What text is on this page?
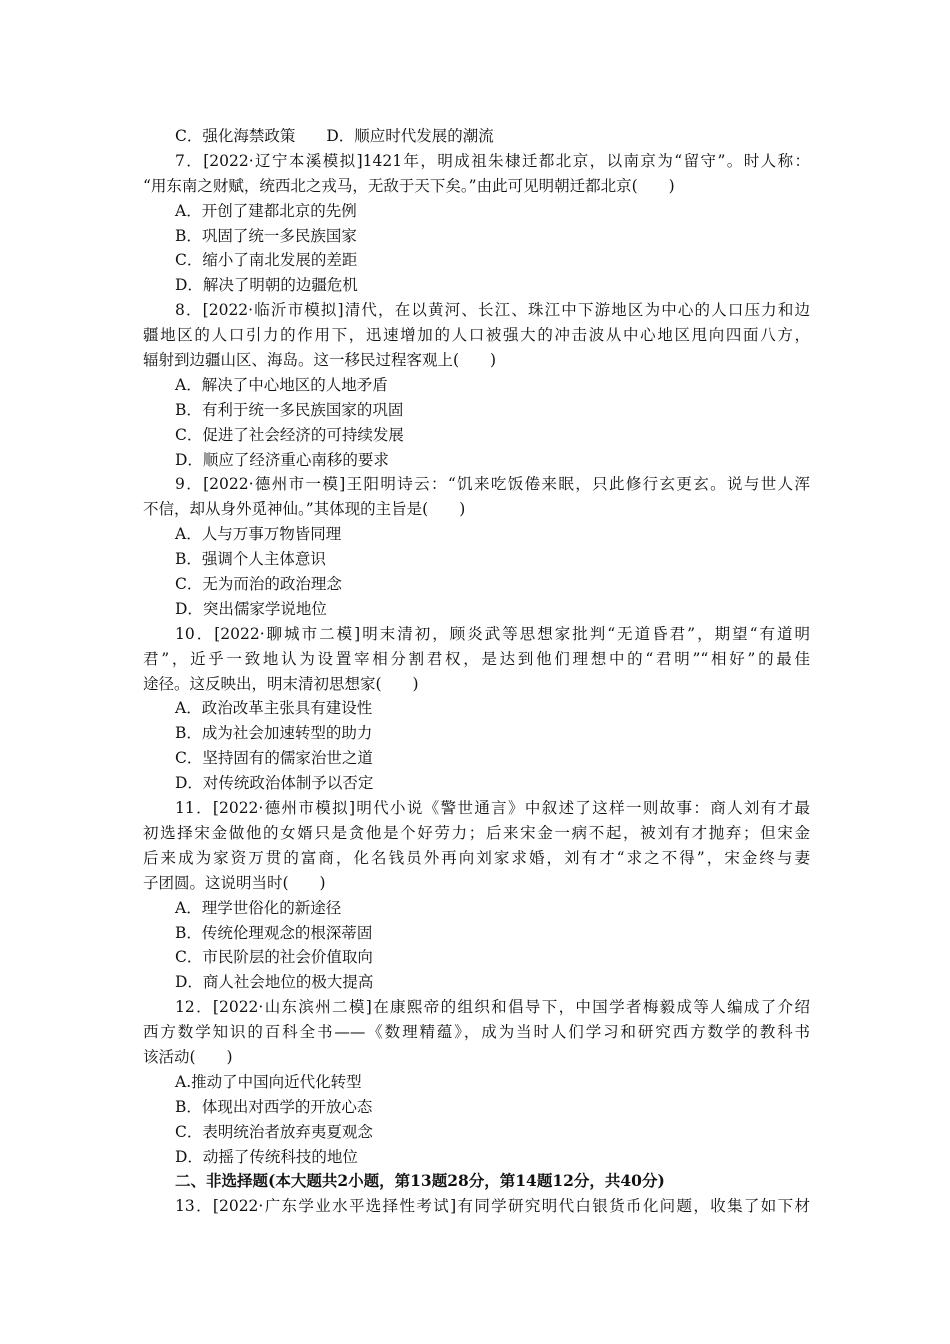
C．强化海禁政策　　D．顺应时代发展的潮流
7．[2022·辽宁本溪模拟]1421年，明成祖朱棣迁都北京，以南京为“留守”。时人称：
“用东南之财赋，统西北之戎马，无敌于天下矣。”由此可见明朝迁都北京(　　)
A．开创了建都北京的先例
B．巩固了统一多民族国家
C．缩小了南北发展的差距
D．解决了明朝的边疆危机
8．[2022·临沂市模拟]清代，在以黄河、长江、珠江中下游地区为中心的人口压力和边
疆地区的人口引力的作用下，迅速增加的人口被强大的冲击波从中心地区甩向四面八方，
辐射到边疆山区、海岛。这一移民过程客观上(　　)
A．解决了中心地区的人地矛盾
B．有利于统一多民族国家的巩固
C．促进了社会经济的可持续发展
D．顺应了经济重心南移的要求
9．[2022·德州市一模]王阳明诗云：“饥来吃饭倦来眠，只此修行玄更玄。说与世人浑
不信，却从身外觅神仙。”其体现的主旨是(　　)
A．人与万事万物皆同理
B．强调个人主体意识
C．无为而治的政治理念
D．突出儒家学说地位
10．[2022·聊城市二模]明末清初，顾炎武等思想家批判“无道昏君”，期望“有道明
君”，近乎一致地认为设置宰相分割君权，是达到他们理想中的“君明”“相好”的最佳
途径。这反映出，明末清初思想家(　　)
A．政治改革主张具有建设性
B．成为社会加速转型的助力
C．坚持固有的儒家治世之道
D．对传统政治体制予以否定
11．[2022·德州市模拟]明代小说《警世通言》中叙述了这样一则故事：商人刘有才最
初选择宋金做他的女婿只是贪他是个好劳力；后来宋金一病不起，被刘有才抛弃；但宋金
后来成为家资万贯的富商，化名钱员外再向刘家求婚，刘有才“求之不得”，宋金终与妻
子团圆。这说明当时(　　)
A．理学世俗化的新途径
B．传统伦理观念的根深蒂固
C．市民阶层的社会价值取向
D．商人社会地位的极大提高
12．[2022·山东滨州二模]在康熙帝的组织和倡导下，中国学者梅毅成等人编成了介绍
西方数学知识的百科全书——《数理精蕴》，成为当时人们学习和研究西方数学的教科书
该活动(　　)
A.推动了中国向近代化转型
B．体现出对西学的开放心态
C．表明统治者放弃夷夏观念
D．动摇了传统科技的地位
二、非选择题(本大题共2小题，第13题28分，第14题12分，共40分)
13．[2022·广东学业水平选择性考试]有同学研究明代白银货币化问题，收集了如下材
